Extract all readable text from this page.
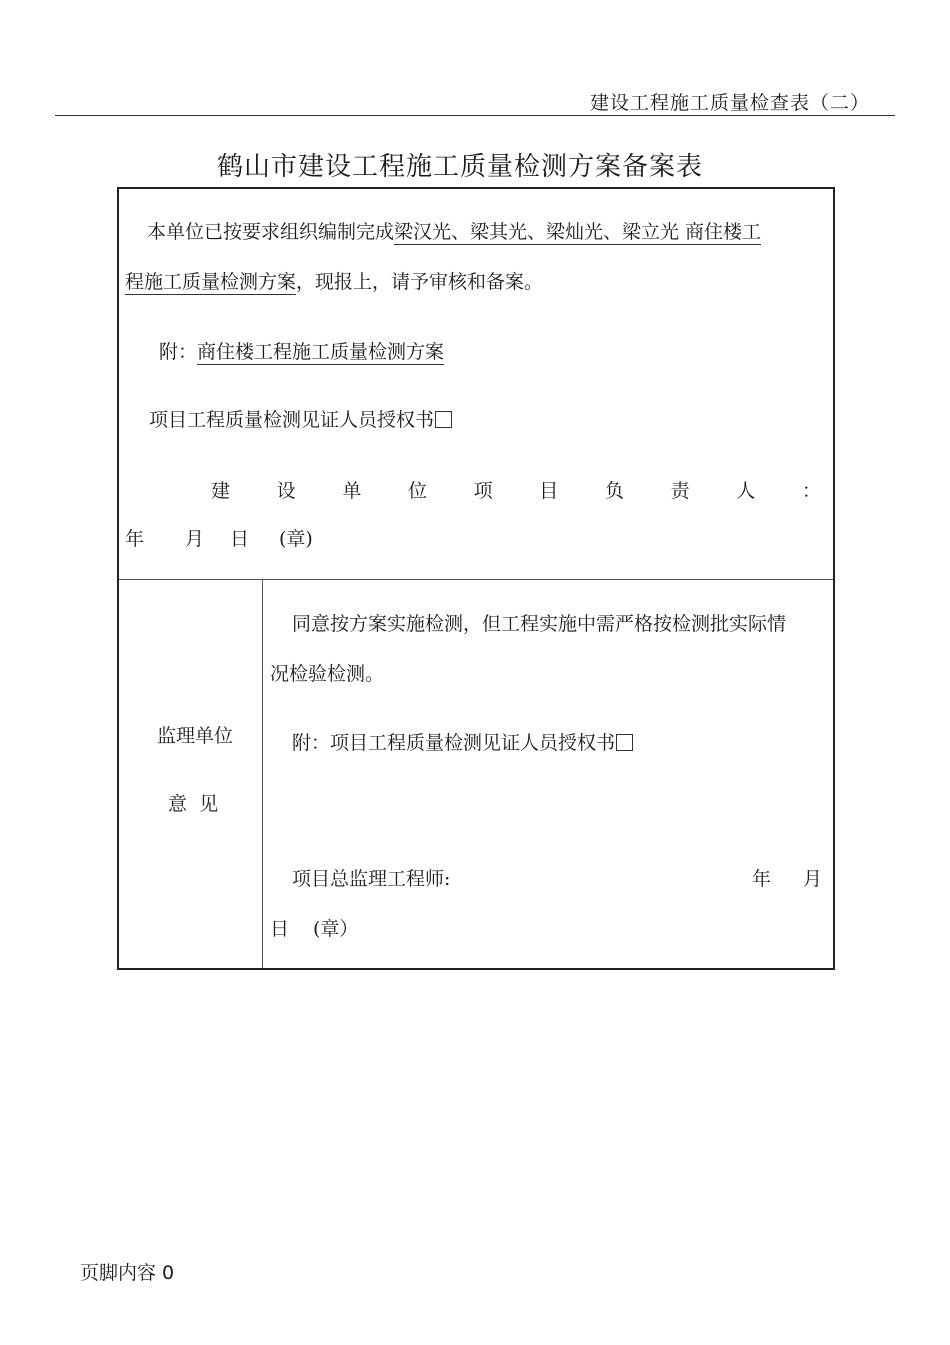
建设工程施工质量检查表（二）
鹤山市建设工程施工质量检测方案备案表
本单位已按要求组织编制完成梁汉光、梁其光、梁灿光、梁立光 商住楼工
程施工质量检测方案，现报上，请予审核和备案。
附：商住楼工程施工质量检测方案
项目工程质量检测见证人员授权书
建 设 单 位 项 目 负 责 人 ：
年 月 日 (章)
监理单位
意  见
同意按方案实施检测，但工程实施中需严格按检测批实际情
况检验检测。
附：项目工程质量检测见证人员授权书
项目总监理工程师:	年 月
日 (章）
页脚内容 0
